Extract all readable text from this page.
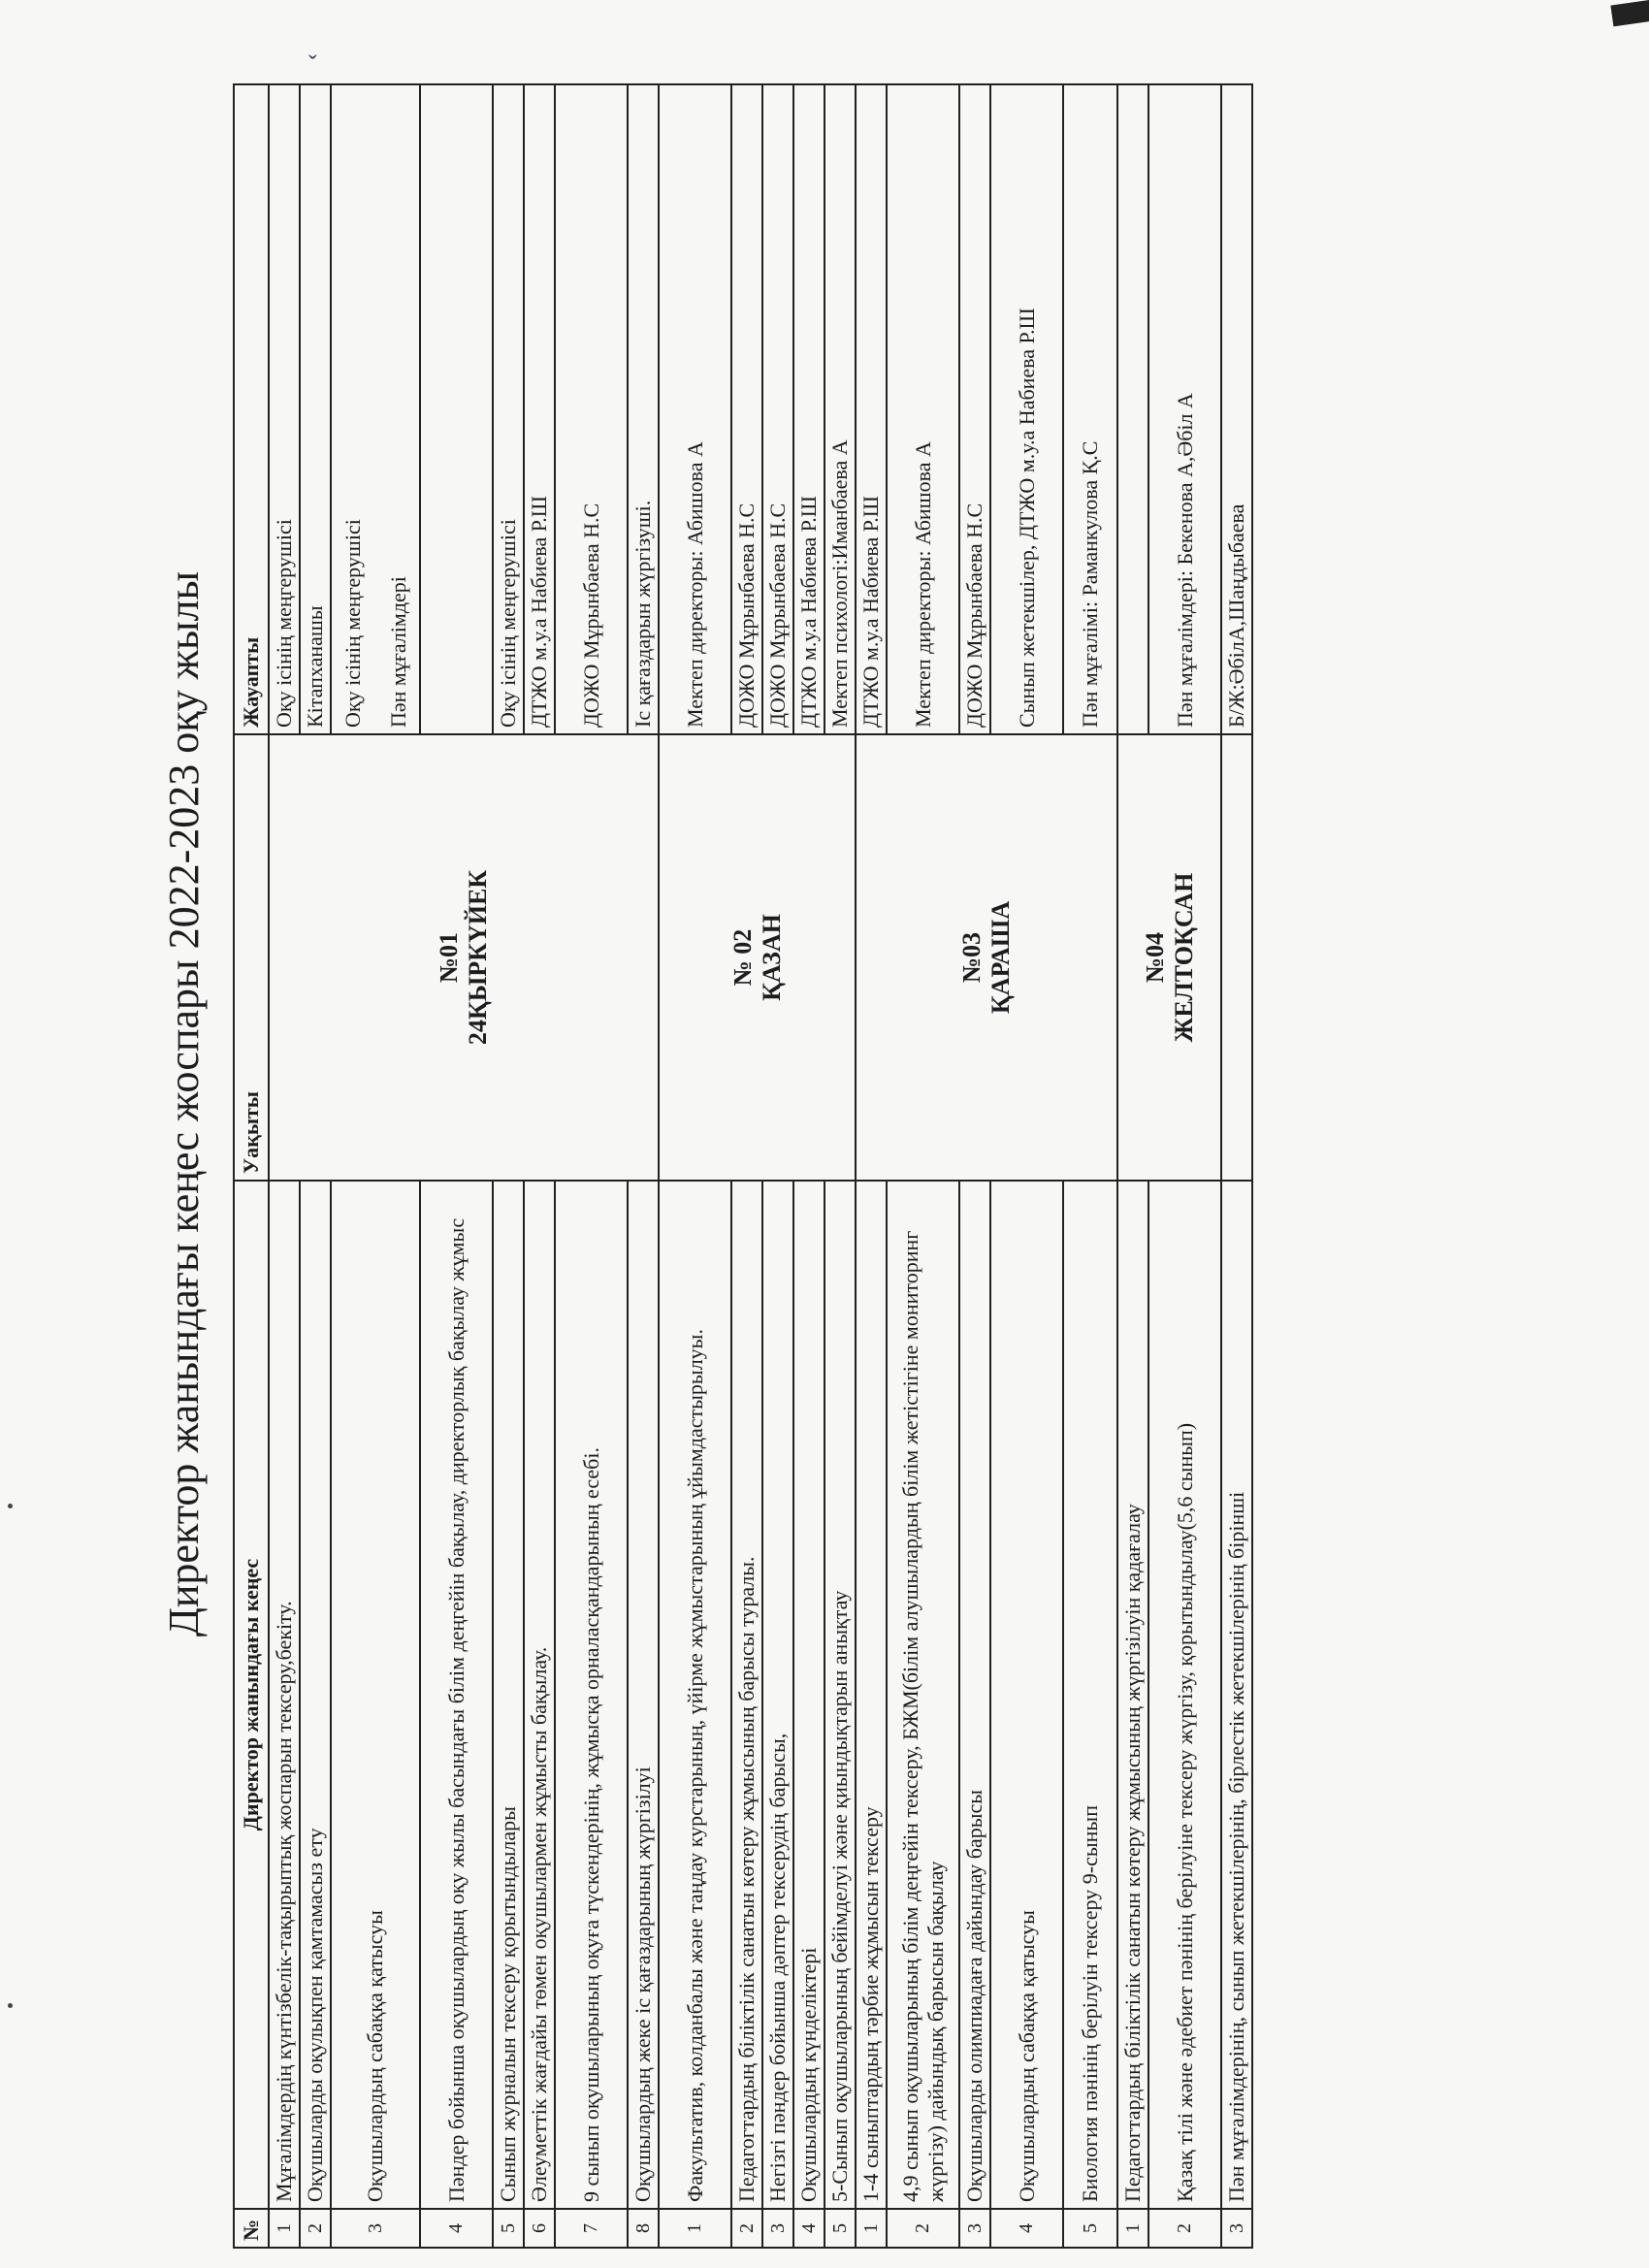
ˇ
Директор жанындағы кеңес жоспары 2022-2023 оқу жылы
№	Директор жанындағы кеңес	Уақыты	Жауапты
1	Мұғалімдердің күнтізбелік-тақырыптық жоспарын тексеру,бекіту.	№01 24ҚЫРКҮЙЕК	Оқу ісінің меңгерушісі
2	Оқушыларды оқулықпен қамтамасыз ету		Кітапханашы
3	Оқушылардың сабаққа қатысуы		Оқу ісінің меңгерушісі Пән мұғалімдері

4	Пәндер бойынша оқушылардың оқу жылы басындағы білім деңгейін бақылау, директорлық бақылау жұмыс		
5	Сынып журналын тексеру қорытындылары		Оқу ісінің меңгерушісі
6	Әлеуметтік жағдайы төмен оқушылармен жұмысты бақылау.		ДТЖО м.у.а Набиева Р.Ш
7	9 сынып оқушыларының оқуға түскендерінің, жұмысқа орналасқандарының есебі.		ДОЖО Мұрынбаева Н.С
8	Оқушылардың жеке іс қағаздарының жүргізілуі		Іс қағаздарын жүргізуші.
1	Факультатив, колданбалы және таңдау курстарының, үйірме жұмыстарының ұйымдастырылуы.	№ 02 ҚАЗАН	Мектеп директоры: Абишова А
2	Педагогтардың біліктілік санатын көтеру жұмысының барысы туралы.		ДОЖО Мұрынбаева Н.С
3	Негізгі пәндер бойынша дәптер тексерудің барысы,		ДОЖО Мұрынбаева Н.С
4	Оқушылардың күнделіктері		ДТЖО м.у.а Набиева Р.Ш
5	5-Сынып оқушыларының бейімделуі және қиындықтарын анықтау		Мектеп психологі:Иманбаева А
1	1-4 сыныптардың тәрбие жұмысын тексеру	№03 ҚАРАША	ДТЖО м.у.а Набиева Р.Ш
2	4,9 сынып оқушыларының білім деңгейін тексеру, БЖМ(білім алушылардың білім жетістігіне мониторинг жүргізу) дайындық барысын бақылау		Мектеп директоры: Абишова А
3	Оқушыларды олимпиадаға дайындау барысы		ДОЖО Мұрынбаева Н.С
4	Оқушылардың сабаққа қатысуы		Сынып жетекшілер, ДТЖО м.у.а Набиева Р.Ш
5	Биология пәнінің берілуін тексеру 9-сынып		Пән мұғалімі: Раманкулова Қ.С
1	Педагогтардың біліктілік санатын көтеру жұмысының жүргізілуін қадағалау	№04 ЖЕЛТОҚСАН	

2	Қазақ тілі және әдебиет пәнінің берілуіне тексеру жүргізу, қорытындылау(5,6 сынып)		Пән мұғалімдері: Бекенова А,Әбіл А
3	Пән мұғалімдерінің, сынып жетекшілерінің, бірлестік жетекшілерінің бірінші		Б/Ж:ӘбілА,Шаңдыбаева
